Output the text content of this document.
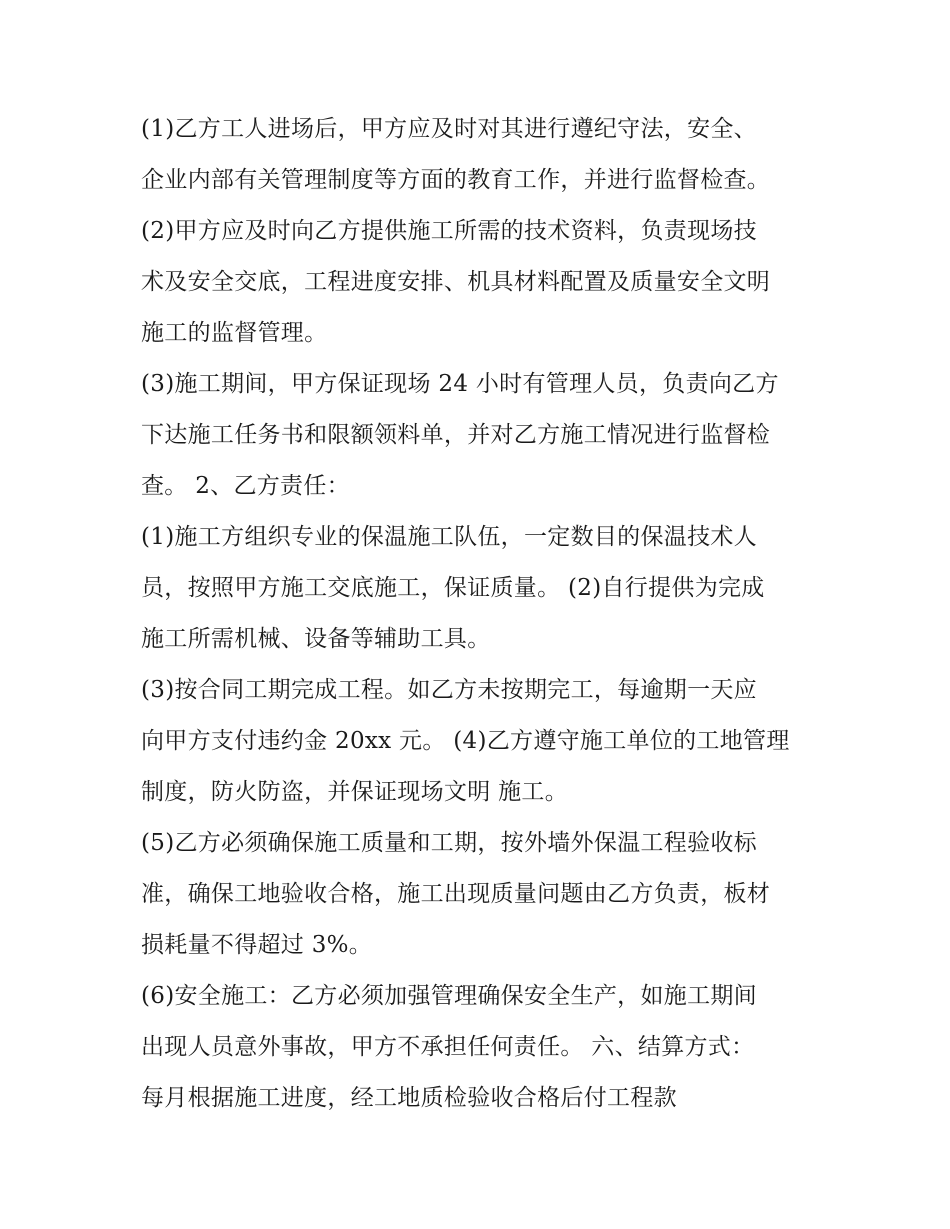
(1)乙方工人进场后，甲方应及时对其进行遵纪守法，安全、
企业内部有关管理制度等方面的教育工作，并进行监督检查。
(2)甲方应及时向乙方提供施工所需的技术资料，负责现场技
术及安全交底，工程进度安排、机具材料配置及质量安全文明
施工的监督管理。
(3)施工期间，甲方保证现场 24 小时有管理人员，负责向乙方
下达施工任务书和限额领料单，并对乙方施工情况进行监督检
查。 2、乙方责任：
(1)施工方组织专业的保温施工队伍，一定数目的保温技术人
员，按照甲方施工交底施工，保证质量。 (2)自行提供为完成
施工所需机械、设备等辅助工具。
(3)按合同工期完成工程。如乙方未按期完工，每逾期一天应
向甲方支付违约金 20xx 元。 (4)乙方遵守施工单位的工地管理
制度，防火防盗，并保证现场文明 施工。
(5)乙方必须确保施工质量和工期，按外墙外保温工程验收标
准，确保工地验收合格，施工出现质量问题由乙方负责，板材
损耗量不得超过 3%。
(6)安全施工：乙方必须加强管理确保安全生产，如施工期间
出现人员意外事故，甲方不承担任何责任。 六、结算方式：
每月根据施工进度，经工地质检验收合格后付工程款
